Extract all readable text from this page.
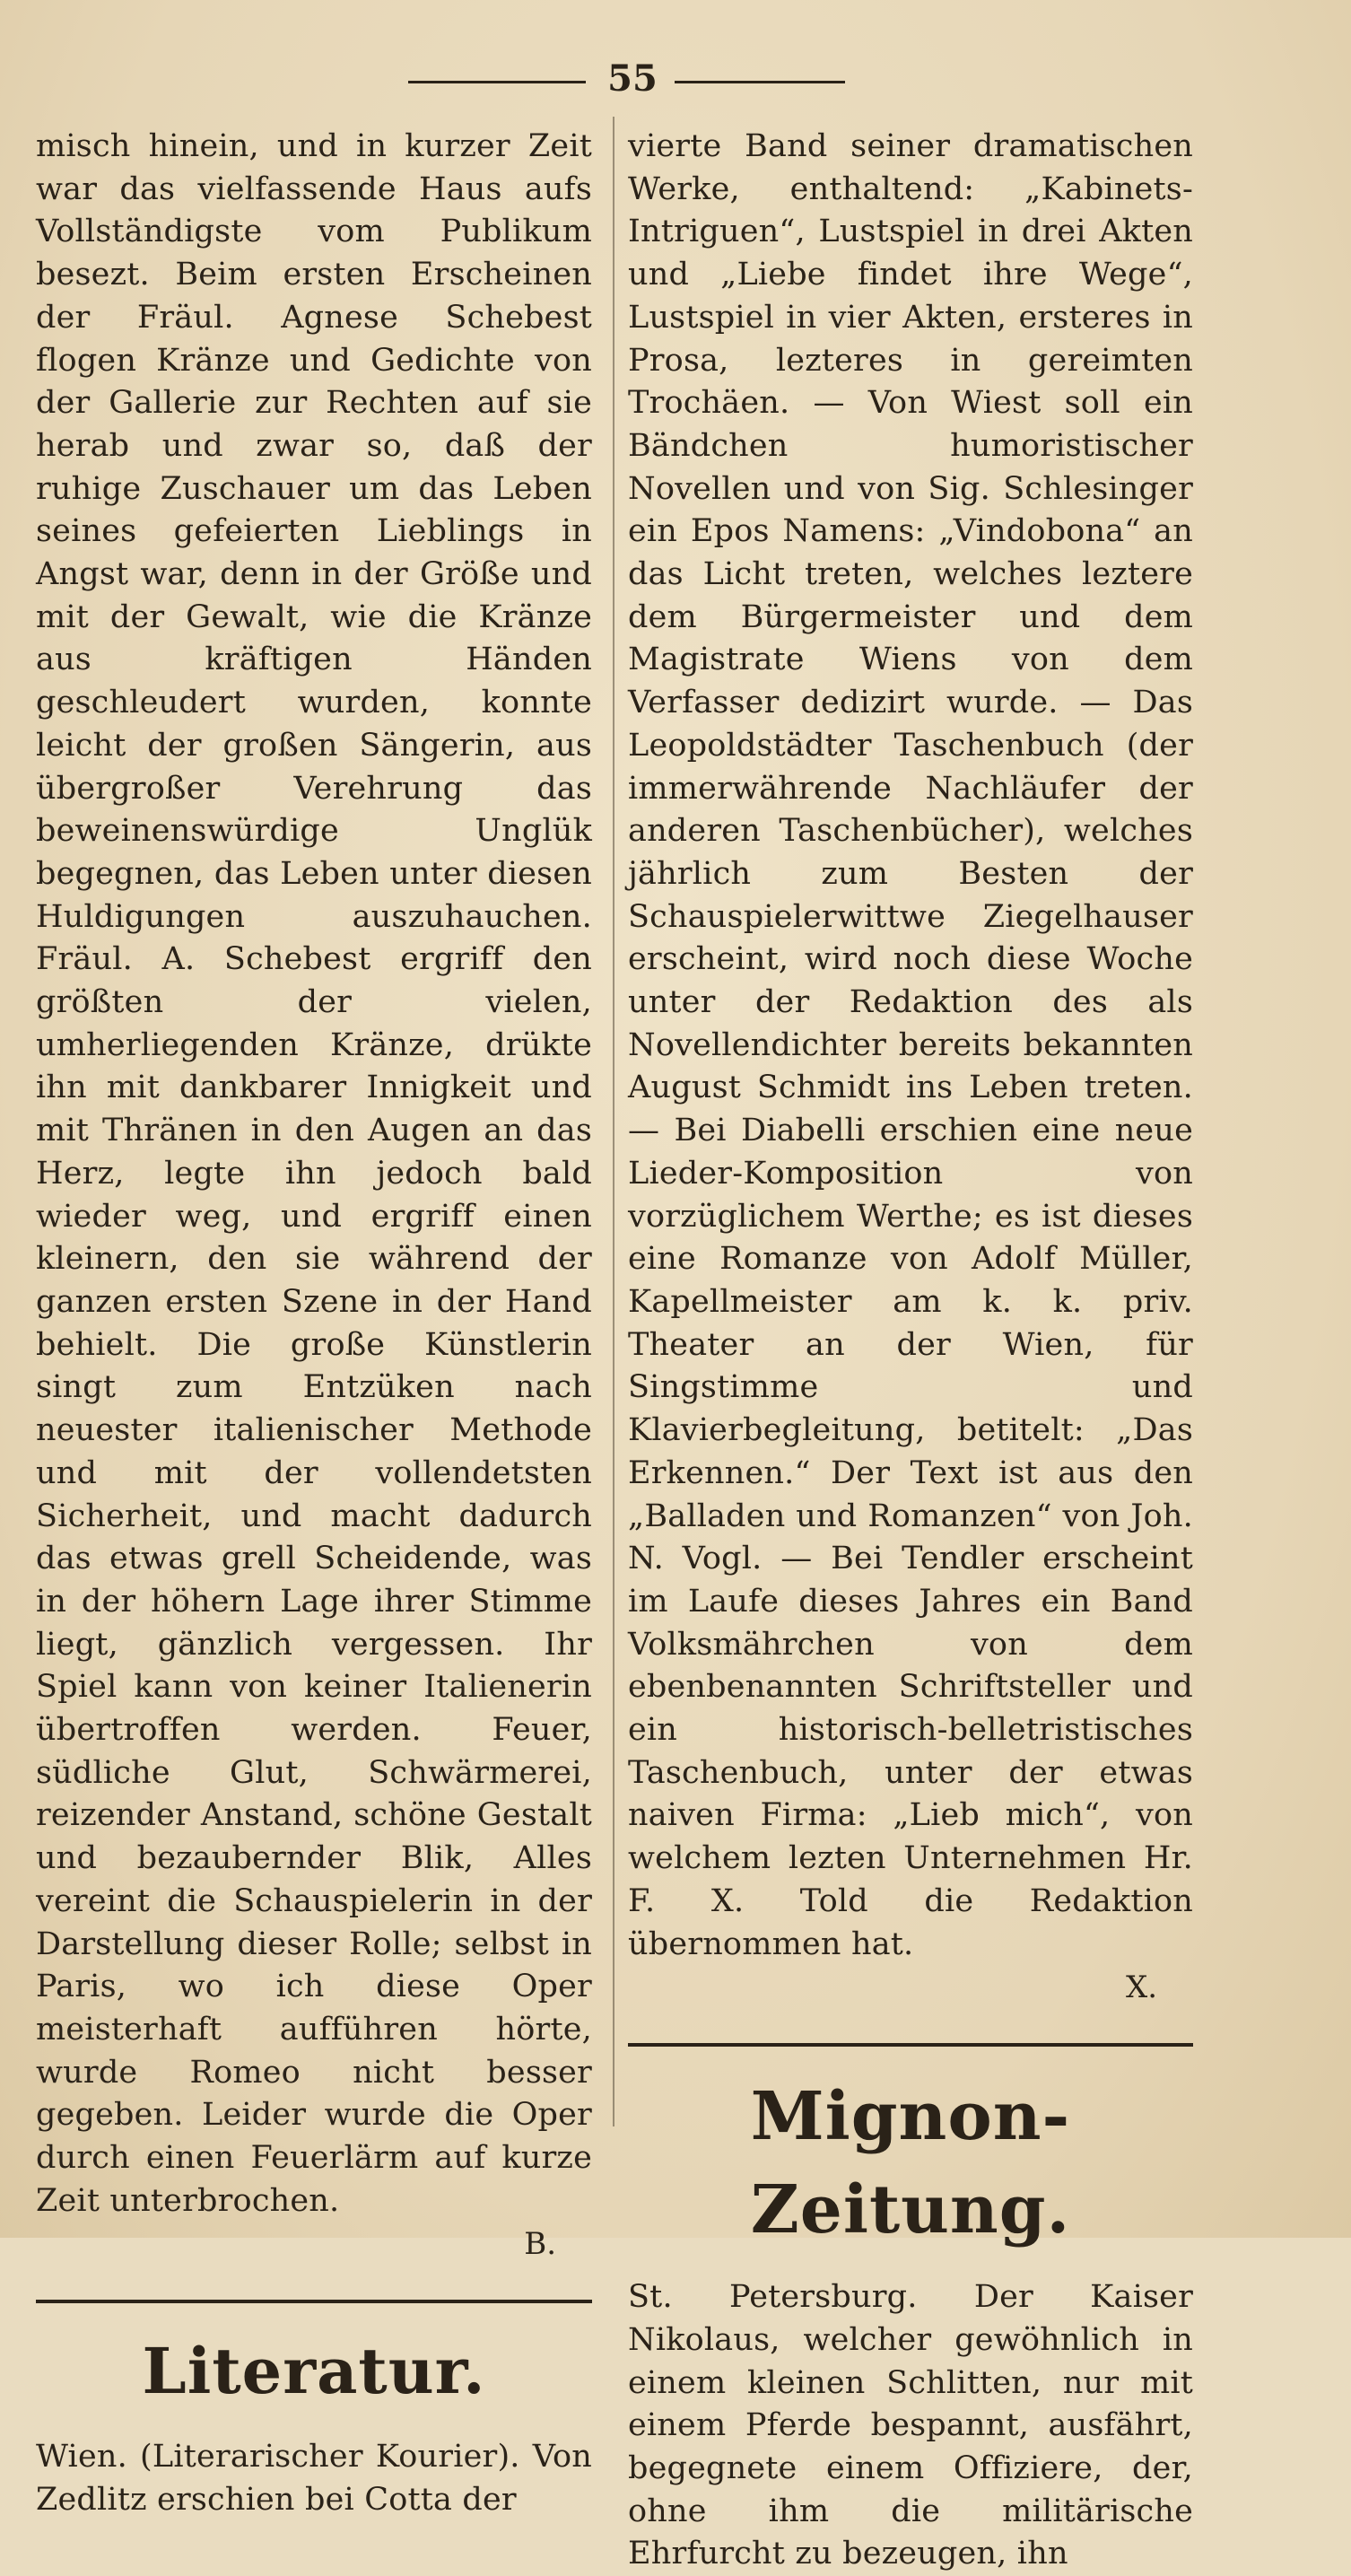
55

misch hinein, und in kurzer Zeit war das vielfassende Haus aufs Vollständigste vom Publikum besezt. Beim ersten Erscheinen der Fräul. Agnese Schebest flogen Kränze und Gedichte von der Gallerie zur Rechten auf sie herab und zwar so, daß der ruhige Zuschauer um das Leben seines gefeierten Lieblings in Angst war, denn in der Größe und mit der Gewalt, wie die Kränze aus kräftigen Händen geschleudert wurden, konnte leicht der großen Sängerin, aus übergroßer Verehrung das beweinenswürdige Unglük begegnen, das Leben unter diesen Huldigungen auszuhauchen. Fräul. A. Schebest ergriff den größten der vielen, umherliegenden Kränze, drükte ihn mit dankbarer Innigkeit und mit Thränen in den Augen an das Herz, legte ihn jedoch bald wieder weg, und ergriff einen kleinern, den sie während der ganzen ersten Szene in der Hand behielt. Die große Künstlerin singt zum Entzüken nach neuester italienischer Methode und mit der vollendetsten Sicherheit, und macht dadurch das etwas grell Scheidende, was in der höhern Lage ihrer Stimme liegt, gänzlich vergessen. Ihr Spiel kann von keiner Italienerin übertroffen werden. Feuer, südliche Glut, Schwärmerei, reizender Anstand, schöne Gestalt und bezaubernder Blik, Alles vereint die Schauspielerin in der Darstellung dieser Rolle; selbst in Paris, wo ich diese Oper meisterhaft aufführen hörte, wurde Romeo nicht besser gegeben. Leider wurde die Oper durch einen Feuerlärm auf kurze Zeit unterbrochen.

B.

Literatur.

Wien. (Literarischer Kourier). Von Zedlitz erschien bei Cotta der

vierte Band seiner dramatischen Werke, enthaltend: „Kabinets-Intriguen“, Lustspiel in drei Akten und „Liebe findet ihre Wege“, Lustspiel in vier Akten, ersteres in Prosa, lezteres in gereimten Trochäen. — Von Wiest soll ein Bändchen humoristischer Novellen und von Sig. Schlesinger ein Epos Namens: „Vindobona“ an das Licht treten, welches leztere dem Bürgermeister und dem Magistrate Wiens von dem Verfasser dedizirt wurde. — Das Leopoldstädter Taschenbuch (der immerwährende Nachläufer der anderen Taschenbücher), welches jährlich zum Besten der Schauspielerwittwe Ziegelhauser erscheint, wird noch diese Woche unter der Redaktion des als Novellendichter bereits bekannten August Schmidt ins Leben treten. — Bei Diabelli erschien eine neue Lieder-Komposition von vorzüglichem Werthe; es ist dieses eine Romanze von Adolf Müller, Kapellmeister am k. k. priv. Theater an der Wien, für Singstimme und Klavierbegleitung, betitelt: „Das Erkennen.“ Der Text ist aus den „Balladen und Romanzen“ von Joh. N. Vogl. — Bei Tendler erscheint im Laufe dieses Jahres ein Band Volksmährchen von dem ebenbenannten Schriftsteller und ein historisch-belletristisches Taschenbuch, unter der etwas naiven Firma: „Lieb mich“, von welchem lezten Unternehmen Hr. F. X. Told die Redaktion übernommen hat.

X.

Mignon-Zeitung.

St. Petersburg. Der Kaiser Nikolaus, welcher gewöhnlich in einem kleinen Schlitten, nur mit einem Pferde bespannt, ausfährt, begegnete einem Offiziere, der, ohne ihm die militärische Ehrfurcht zu bezeugen, ihn
